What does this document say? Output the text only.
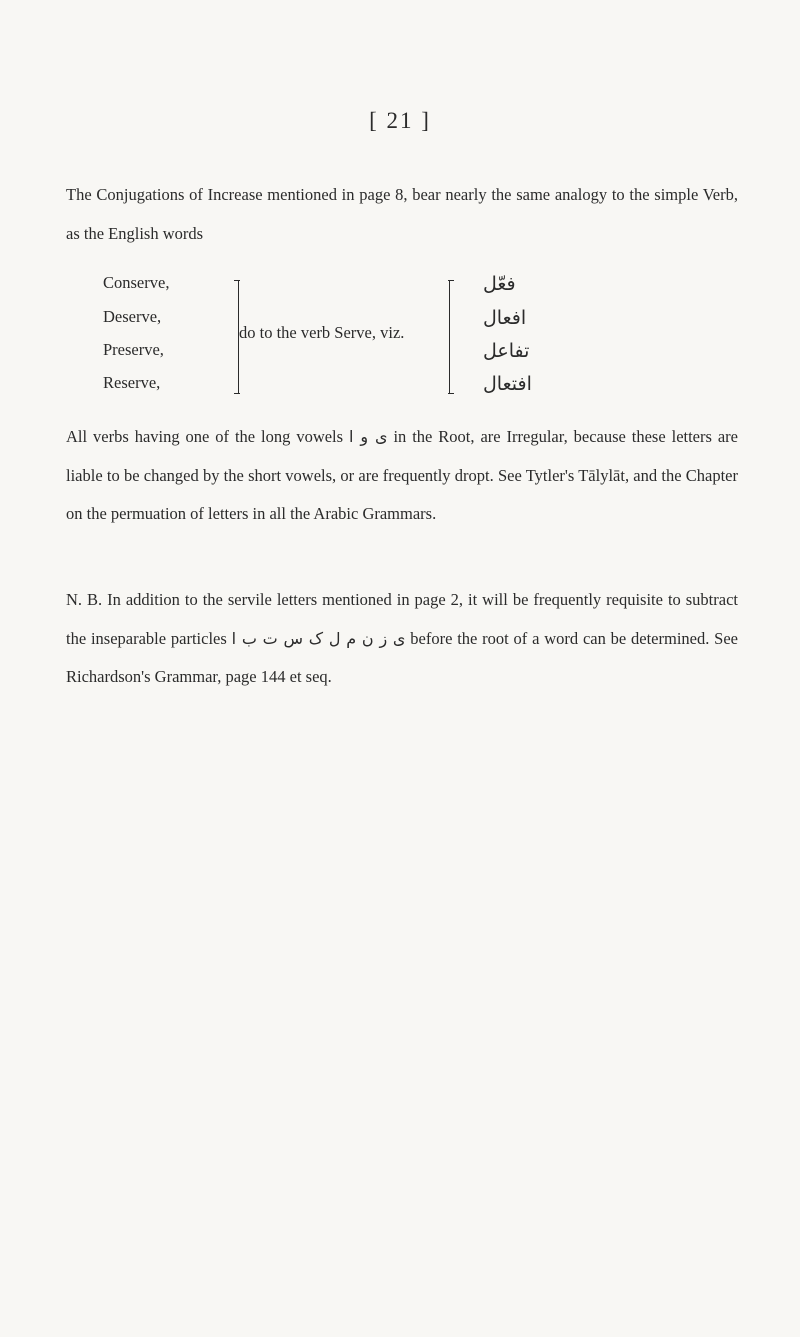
[ 21 ]

The Conjugations of Increase mentioned in page 8, bear nearly the same analogy to the simple Verb, as the English words

Conserve,
Deserve,
Preserve,
Reserve,
do to the verb Serve, viz.
فعّل
افعال
تفاعل
افتعال

All verbs having one of the long vowels ی و ا in the Root, are Irregular, because these letters are liable to be changed by the short vowels, or are frequently dropt. See Tytler's Tālylāt, and the Chapter on the permuation of letters in all the Arabic Grammars.

N. B. In addition to the servile letters mentioned in page 2, it will be frequently requisite to subtract the inseparable particles ی ز ن م ل ک س ت ب ا before the root of a word can be determined. See Richardson's Grammar, page 144 et seq.
